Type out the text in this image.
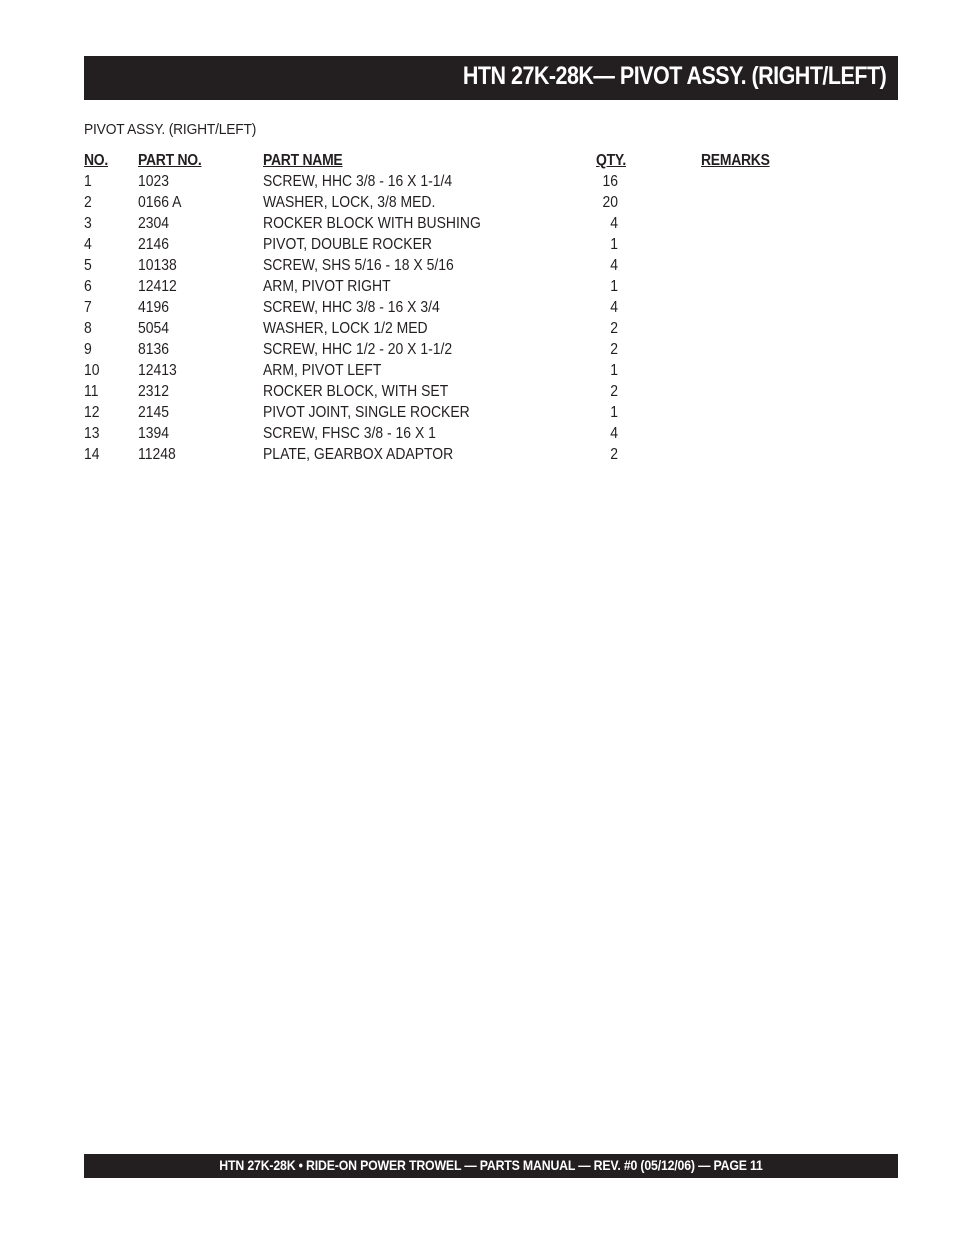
HTN 27K-28K— PIVOT ASSY. (RIGHT/LEFT)
PIVOT ASSY. (RIGHT/LEFT)
NO. PART NO.	PART NAME	QTY.	REMARKS
1	1023	SCREW, HHC 3/8 - 16 X 1-1/4	16
2	0166 A	WASHER, LOCK, 3/8 MED.	20
3	2304	ROCKER BLOCK WITH BUSHING	4
4	2146	PIVOT, DOUBLE ROCKER	1
5	10138	SCREW, SHS 5/16 - 18 X 5/16	4
6	12412	ARM, PIVOT RIGHT	1
7	4196	SCREW, HHC 3/8 - 16 X 3/4	4
8	5054	WASHER, LOCK 1/2 MED	2
9	8136	SCREW, HHC 1/2 - 20 X 1-1/2	2
10 12413	ARM, PIVOT LEFT	1
11	2312	ROCKER BLOCK, WITH SET	2
12 2145	PIVOT JOINT, SINGLE ROCKER	1
13 1394	SCREW, FHSC 3/8 - 16 X 1	4
14 11248	PLATE, GEARBOX ADAPTOR	2
HTN 27K-28K • RIDE-ON POWER TROWEL — PARTS MANUAL — REV. #0 (05/12/06) — PAGE 11
